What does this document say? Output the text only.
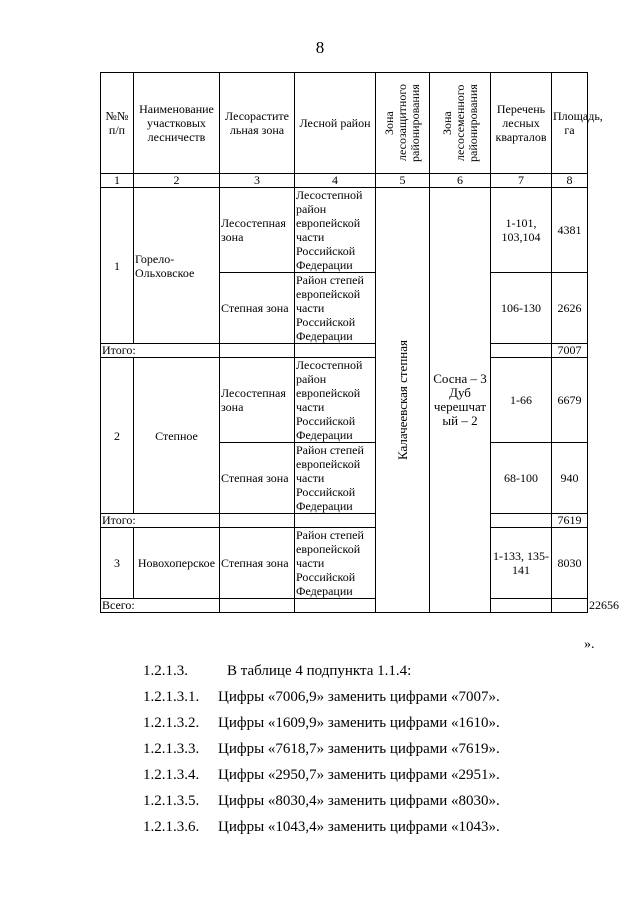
8
№№ п/п	Наименование участковых лесничеств	Лесорастите льная зона	Лесной район	Зона лесозащитного районирования	Зона лесосеменного районирования	Перечень лесных кварталов	Площадь, га	
1	2	3	4	5	6	7	8	
1	Горело-Ольховское	Лесостепная зона	Лесостепной район европейской части Российской Федерации	Калачеевская степная	Сосна – 3 Дуб черешчат ый – 2	1-101, 103,104	4381	
		Степная зона	Район степей европейской части Российской Федерации			106-130	2626	
Итого:							7007	
2	Степное	Лесостепная зона	Лесостепной район европейской части Российской Федерации			1-66	6679	
		Степная зона	Район степей европейской части Российской Федерации			68-100	940	
Итого:							7619	
3	Новохоперское	Степная зона	Район степей европейской части Российской Федерации			1-133, 135-141	8030	
Всего:								22656
».
1.2.1.3.	В таблице 4 подпункта 1.1.4:
1.2.1.3.1. Цифры «7006,9» заменить цифрами «7007».
1.2.1.3.2. Цифры «1609,9» заменить цифрами «1610».
1.2.1.3.3. Цифры «7618,7» заменить цифрами «7619».
1.2.1.3.4. Цифры «2950,7» заменить цифрами «2951».
1.2.1.3.5. Цифры «8030,4» заменить цифрами «8030».
1.2.1.3.6. Цифры «1043,4» заменить цифрами «1043».
